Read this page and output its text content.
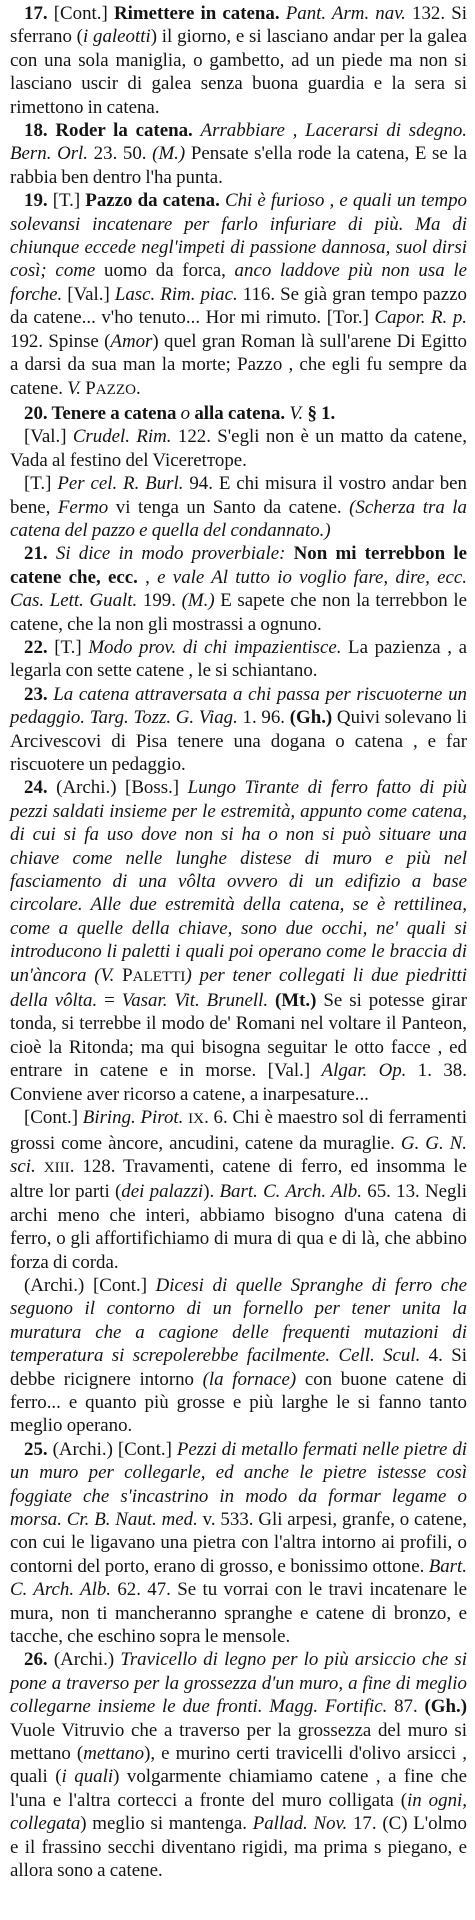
17. [Cont.] Rimettere in catena. Pant. Arm. nav. 132. Si sferrano (i galeotti) il giorno, e si lasciano andar per la galea con una sola maniglia, o gambetto, ad un piede ma non si lasciano uscir di galea senza buona guardia e la sera si rimettono in catena.

18. Roder la catena. Arrabbiare , Lacerarsi di sdegno. Bern. Orl. 23. 50. (M.) Pensate s'ella rode la catena, E se la rabbia ben dentro l'ha punta.

19. [T.] Pazzo da catena. Chi è furioso , e quali un tempo solevansi incatenare per farlo infuriare di più. Ma di chiunque eccede negl'impeti di passione dannosa, suol dirsi così; come uomo da forca, anco laddove più non usa le forche. [Val.] Lasc. Rim. piac. 116. Se già gran tempo pazzo da catene... v'ho tenuto... Hor mi rimuto. [Tor.] Capor. R. p. 192. Spinse (Amor) quel gran Roman là sull'arene Di Egitto a darsi da sua man la morte; Pazzo , che egli fu sempre da catene. V. PAZZO.

20. Tenere a catena o alla catena. V. § 1.

[Val.] Crudel. Rim. 122. S'egli non è un matto da catene, Vada al festino del Viceretторе.

[T.] Per cel. R. Burl. 94. E chi misura il vostro andar ben bene, Fermo vi tenga un Santo da catene. (Scherza tra la catena del pazzo e quella del condannato.)

21. Si dice in modo proverbiale: Non mi terrebbon le catene che, ecc. , e vale Al tutto io voglio fare, dire, ecc. Cas. Lett. Gualt. 199. (M.) E sapete che non la terrebbon le catene, che la non gli mostrassi a ognuno.

22. [T.] Modo prov. di chi impazientisce. La pazienza , a legarla con sette catene , le si schiantano.

23. La catena attraversata a chi passa per riscuoterne un pedaggio. Targ. Tozz. G. Viag. 1. 96. (Gh.) Quivi solevano li Arcivescovi di Pisa tenere una dogana o catena , e far riscuotere un pedaggio.

24. (Archi.) [Boss.] Lungo Tirante di ferro fatto di più pezzi saldati insieme per le estremità, appunto come catena, di cui si fa uso dove non si ha o non si può situare una chiave come nelle lunghe distese di muro e più nel fasciamento di una vôlta ovvero di un edifizio a base circolare. Alle due estremità della catena, se è rettilinea, come a quelle della chiave, sono due occhi, ne' quali si introducono li paletti i quali poi operano come le braccia di un'àncora (V. PALETTI) per tener collegati li due piedritti della vôlta. = Vasar. Vit. Brunell. (Mt.) Se si potesse girar tonda, si terrebbe il modo de' Romani nel voltare il Panteon, cioè la Ritonda; ma qui bisogna seguitar le otto facce , ed entrare in catene e in morse. [Val.] Algar. Op. 1. 38. Conviene aver ricorso a catene, a inarpesature...

[Cont.] Biring. Pirot. IX. 6. Chi è maestro sol di ferramenti grossi come àncore, ancudini, catene da muraglie. G. G. N. sci. XIII. 128. Travamenti, catene di ferro, ed insomma le altre lor parti (dei palazzi). Bart. C. Arch. Alb. 65. 13. Negli archi meno che interi, abbiamo bisogno d'una catena di ferro, o gli affortifichiamo di mura di qua e di là, che abbino forza di corda.

(Archi.) [Cont.] Dicesi di quelle Spranghe di ferro che seguono il contorno di un fornello per tener unita la muratura che a cagione delle frequenti mutazioni di temperatura si screpolerebbe facilmente. Cell. Scul. 4. Si debbe ricignere intorno (la fornace) con buone catene di ferro... e quanto più grosse e più larghe le si fanno tanto meglio operano.

25. (Archi.) [Cont.] Pezzi di metallo fermati nelle pietre di un muro per collegarle, ed anche le pietre istesse così foggiate che s'incastrino in modo da formar legame o morsa. Cr. B. Naut. med. v. 533. Gli arpesi, granfe, o catene, con cui le ligavano una pietra con l'altra intorno ai profili, o contorni del porto, erano di grosso, e bonissimo ottone. Bart. C. Arch. Alb. 62. 47. Se tu vorrai con le travi incatenare le mura, non ti mancheranno spranghe e catene di bronzo, e tacche, che eschino sopra le mensole.

26. (Archi.) Travicello di legno per lo più arsiccio che si pone a traverso per la grossezza d'un muro, a fine di meglio collegarne insieme le due fronti. Magg. Fortific. 87. (Gh.) Vuole Vitruvio che a traverso per la grossezza del muro si mettano (mettano), e murino certi travicelli d'olivo arsicci , quali (i quali) volgarmente chiamiamo catene , a fine che l'una e l'altra cortecci a fronte del muro colligata (in ogni, collegata) meglio si mantenga. Pallad. Nov. 17. (C) L'olmo e il frassino secchi diventano rigidi, ma prima s piegano, e allora sono a catene.
